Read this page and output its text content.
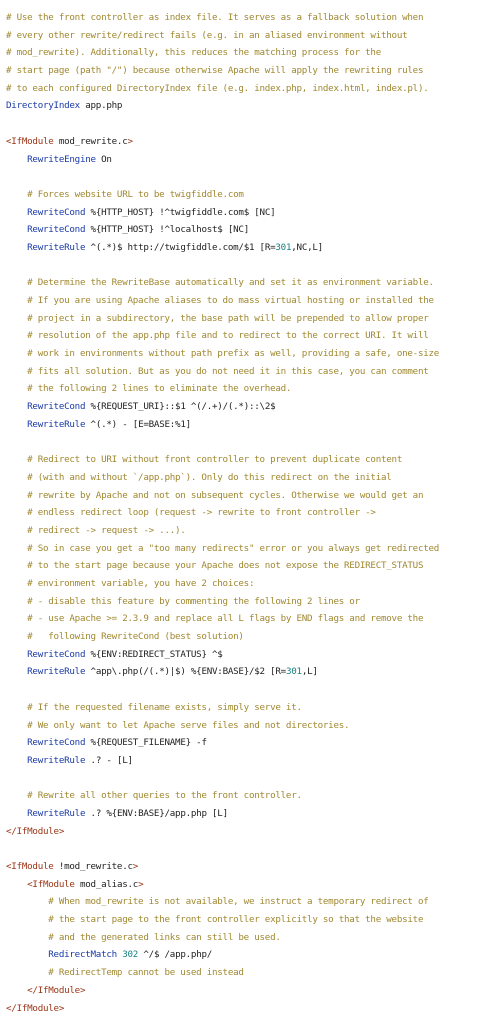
# Use the front controller as index file. It serves as a fallback solution when
# every other rewrite/redirect fails (e.g. in an aliased environment without
# mod_rewrite). Additionally, this reduces the matching process for the
# start page (path "/") because otherwise Apache will apply the rewriting rules
# to each configured DirectoryIndex file (e.g. index.php, index.html, index.pl).
DirectoryIndex app.php
<IfModule mod_rewrite.c>
RewriteEngine On
# Forces website URL to be twigfiddle.com
RewriteCond %{HTTP_HOST} !^twigfiddle.com$ [NC]
RewriteCond %{HTTP_HOST} !^localhost$ [NC]
RewriteRule ^(.*)$ http://twigfiddle.com/$1 [R=301,NC,L]
# Determine the RewriteBase automatically and set it as environment variable.
# If you are using Apache aliases to do mass virtual hosting or installed the
# project in a subdirectory, the base path will be prepended to allow proper
# resolution of the app.php file and to redirect to the correct URI. It will
# work in environments without path prefix as well, providing a safe, one-size
# fits all solution. But as you do not need it in this case, you can comment
# the following 2 lines to eliminate the overhead.
RewriteCond %{REQUEST_URI}::$1 ^(/.+)/(.*)::\2$
RewriteRule ^(.*) - [E=BASE:%1]
# Redirect to URI without front controller to prevent duplicate content
# (with and without `/app.php`). Only do this redirect on the initial
# rewrite by Apache and not on subsequent cycles. Otherwise we would get an
# endless redirect loop (request -> rewrite to front controller ->
# redirect -> request -> ...).
# So in case you get a "too many redirects" error or you always get redirected
# to the start page because your Apache does not expose the REDIRECT_STATUS
# environment variable, you have 2 choices:
# - disable this feature by commenting the following 2 lines or
# - use Apache >= 2.3.9 and replace all L flags by END flags and remove the
#   following RewriteCond (best solution)
RewriteCond %{ENV:REDIRECT_STATUS} ^$
RewriteRule ^app\.php(/(.*)|$) %{ENV:BASE}/$2 [R=301,L]
# If the requested filename exists, simply serve it.
# We only want to let Apache serve files and not directories.
RewriteCond %{REQUEST_FILENAME} -f
RewriteRule .? - [L]
# Rewrite all other queries to the front controller.
RewriteRule .? %{ENV:BASE}/app.php [L]
</IfModule>
<IfModule !mod_rewrite.c>
<IfModule mod_alias.c>
# When mod_rewrite is not available, we instruct a temporary redirect of
# the start page to the front controller explicitly so that the website
# and the generated links can still be used.
RedirectMatch 302 ^/$ /app.php/
# RedirectTemp cannot be used instead
</IfModule>
</IfModule>
